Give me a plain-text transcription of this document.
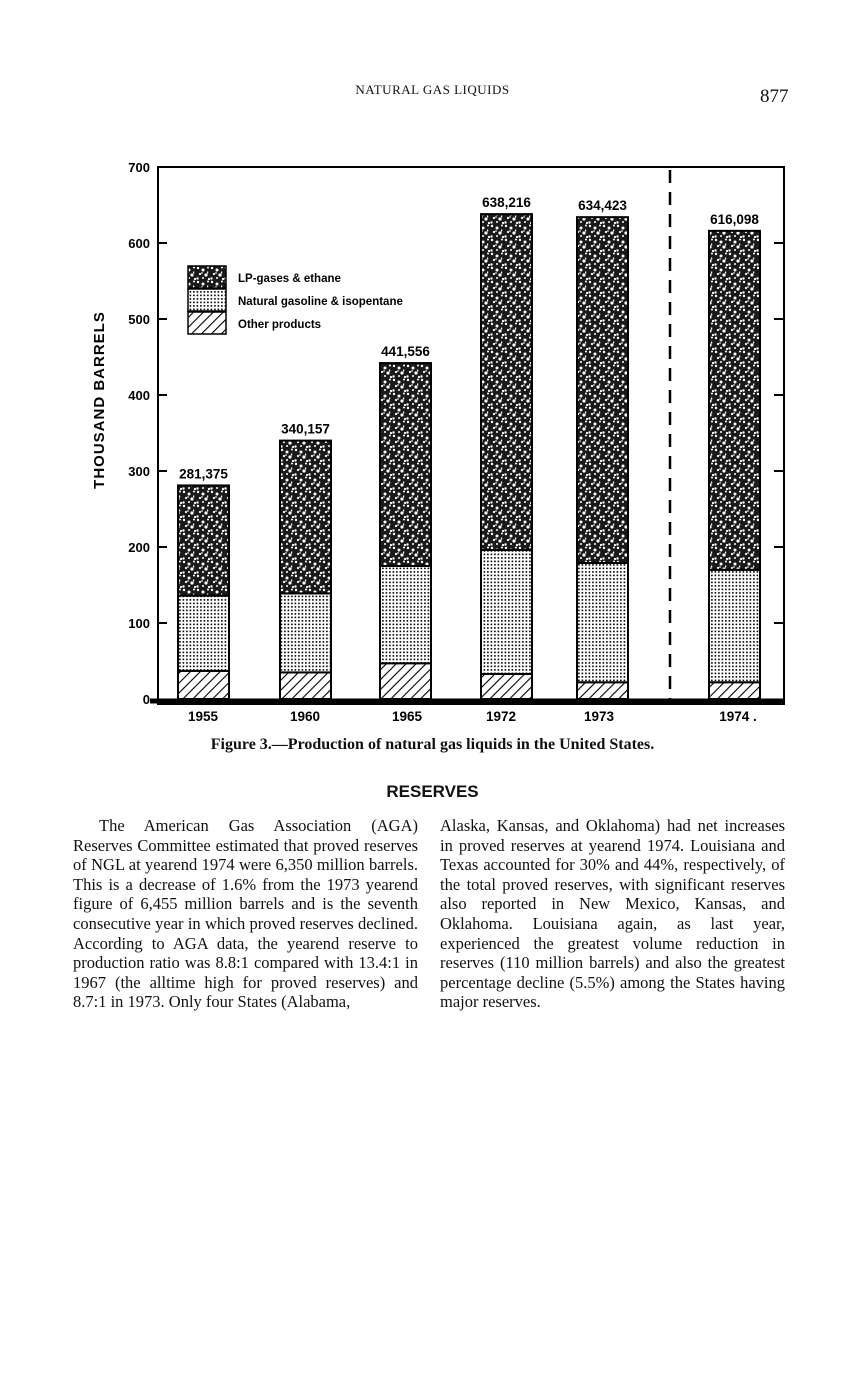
NATURAL GAS LIQUIDS	877
THOUSAND BARRELS
0
100
200
300
400
500
600
700
281,375
340,157
441,556
638,216	634,423
616,098
1955	1960	1965	1972	1973	1974 .
LP-gases & ethane
Natural gasoline & isopentane
Other products
Figure 3.—Production of natural gas liquids in the United States.
RESERVES

The American Gas Association (AGA) Reserves Committee estimated that proved reserves of NGL at yearend 1974 were 6,350 million barrels. This is a decrease of 1.6% from the 1973 yearend figure of 6,455 million barrels and is the seventh consecutive year in which proved reserves declined. According to AGA data, the yearend reserve to production ratio was 8.8:1 compared with 13.4:1 in 1967 (the alltime high for proved reserves) and 8.7:1 in 1973. Only four States (Alabama,

Alaska, Kansas, and Oklahoma) had net increases in proved reserves at yearend 1974. Louisiana and Texas accounted for 30% and 44%, respectively, of the total proved reserves, with significant reserves also reported in New Mexico, Kansas, and Oklahoma. Louisiana again, as last year, experienced the greatest volume reduction in reserves (110 million barrels) and also the greatest percentage decline (5.5%) among the States having major reserves.
